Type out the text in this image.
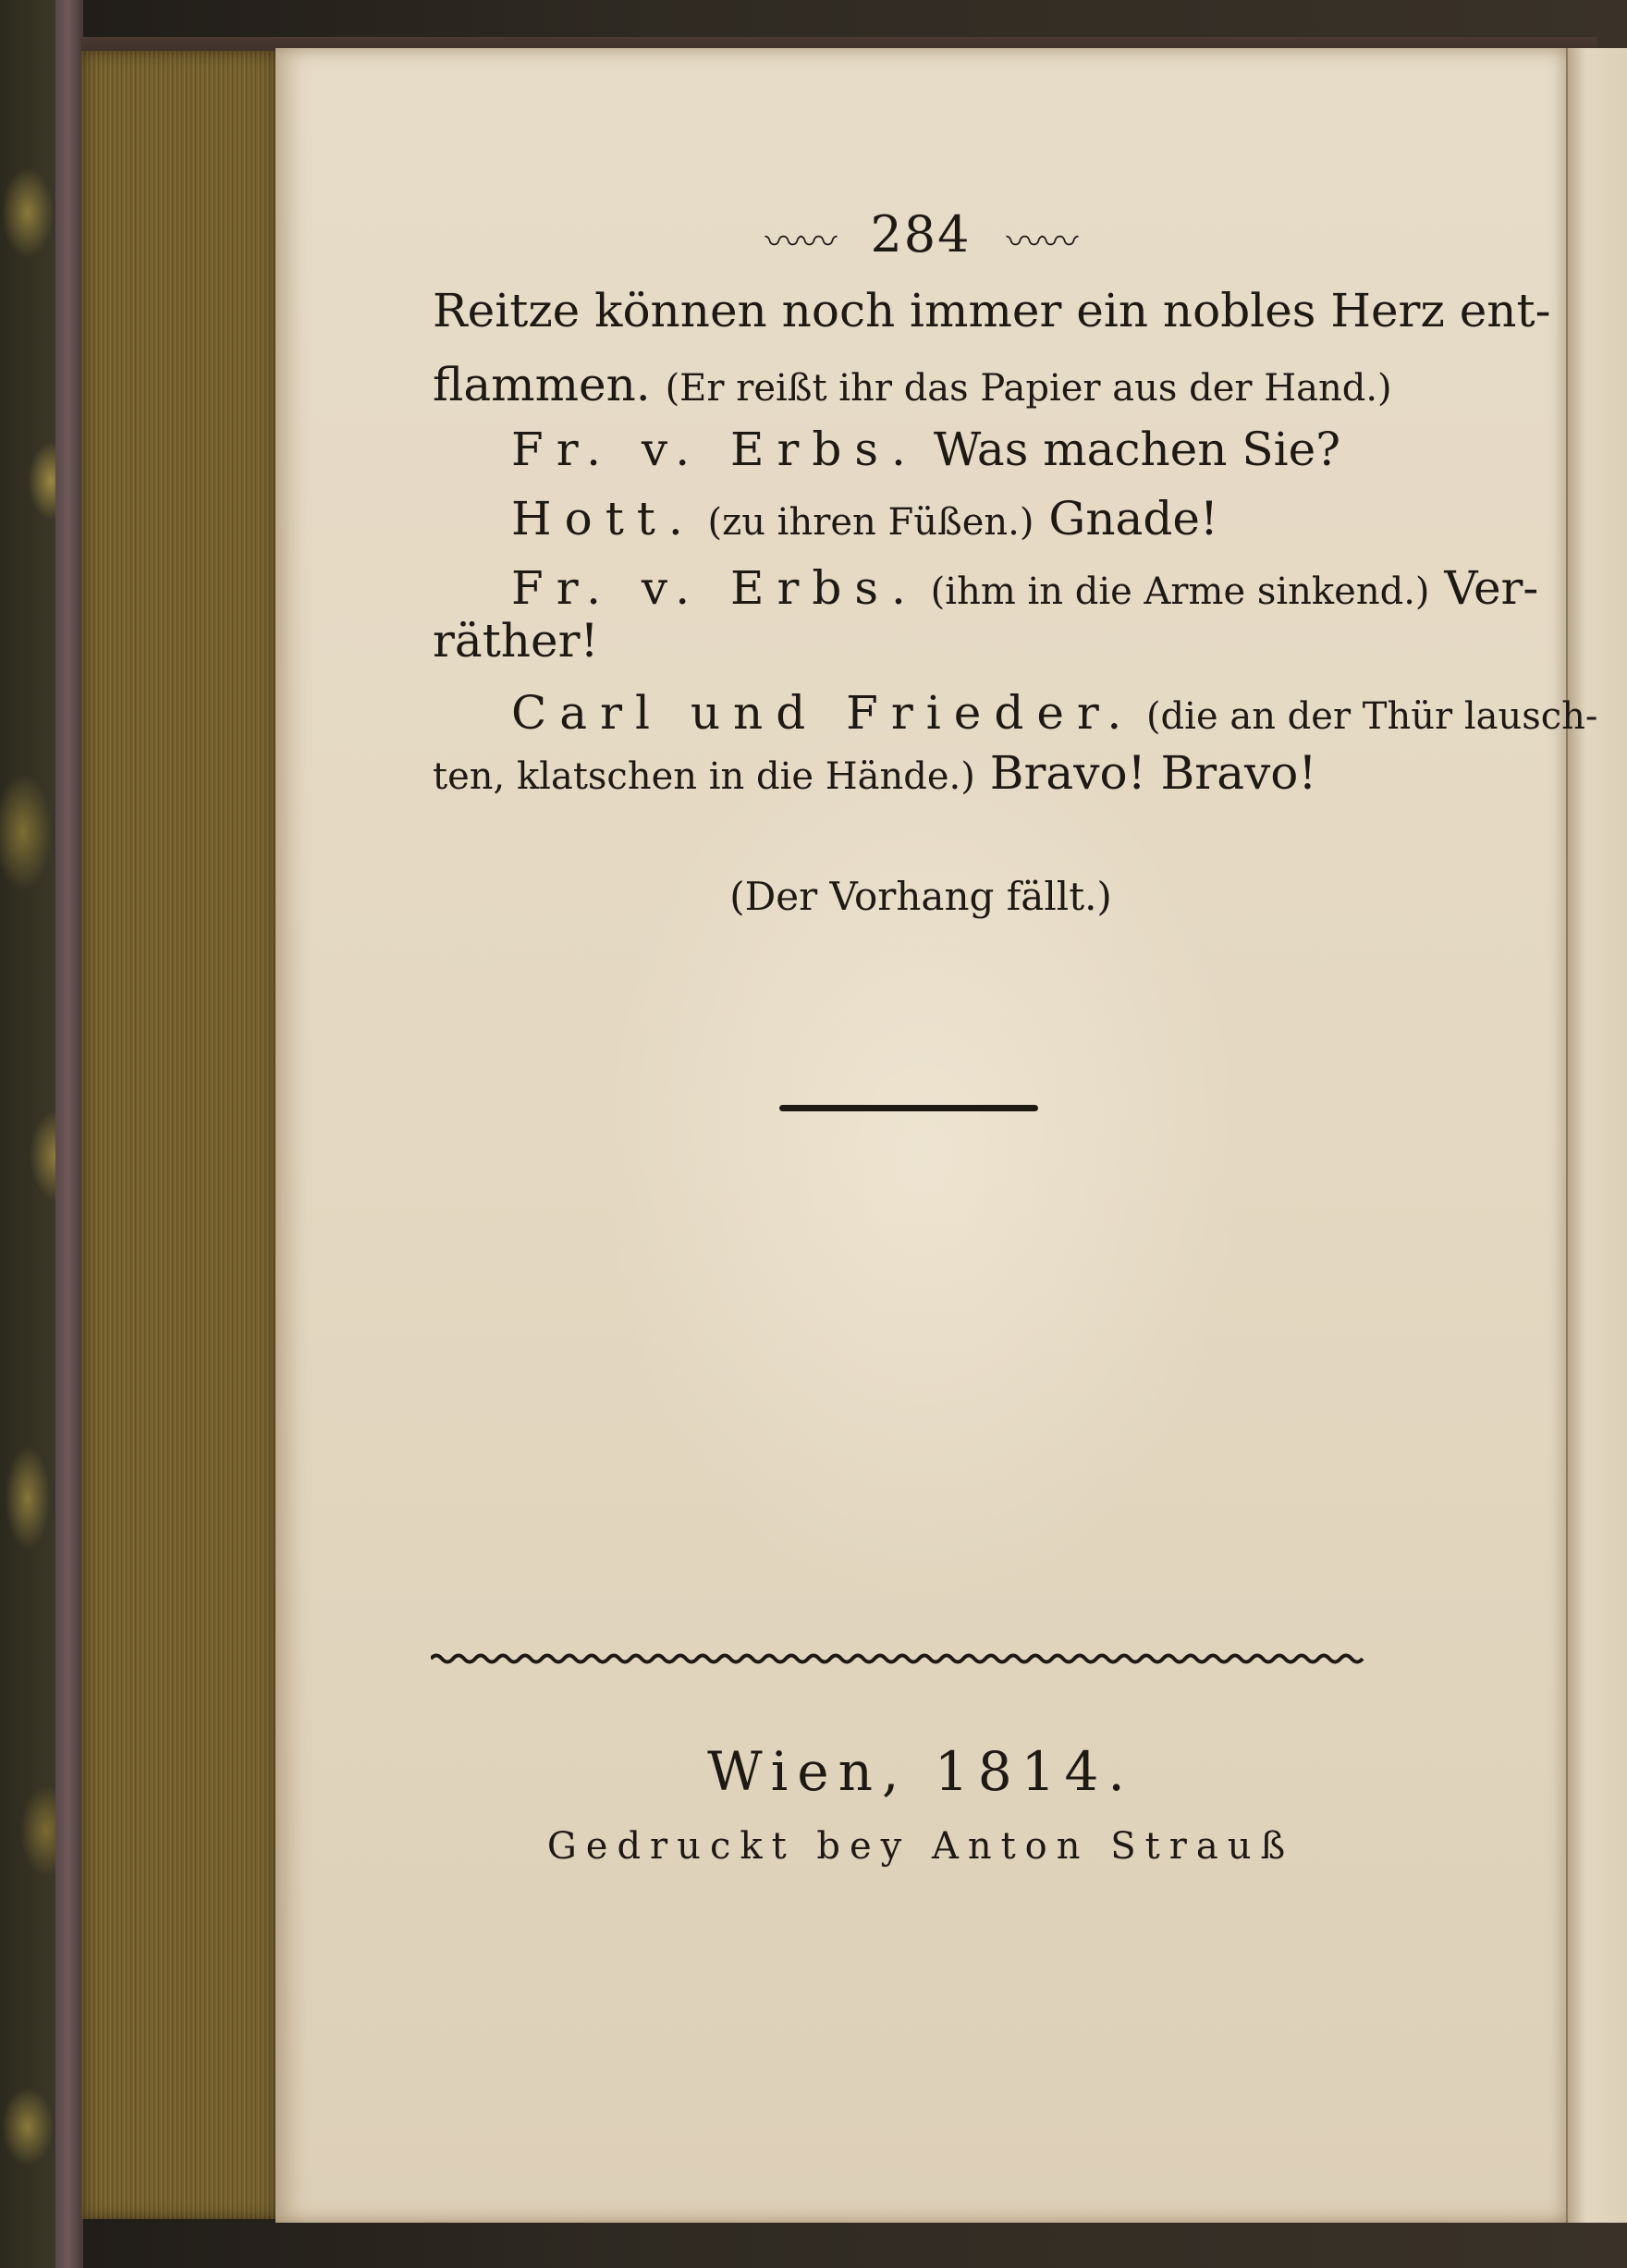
〰〰 284 〰〰
Reitze können noch immer ein nobles Herz ent-
flammen. (Er reißt ihr das Papier aus der Hand.)
Fr. v. Erbs. Was machen Sie?
Hott. (zu ihren Füßen.) Gnade!
Fr. v. Erbs. (ihm in die Arme sinkend.) Ver-
räther!
Carl und Frieder. (die an der Thür lausch-
ten, klatschen in die Hände.) Bravo! Bravo!
(Der Vorhang fällt.)
Wien, 1814.
Gedruckt bey Anton Strauß
